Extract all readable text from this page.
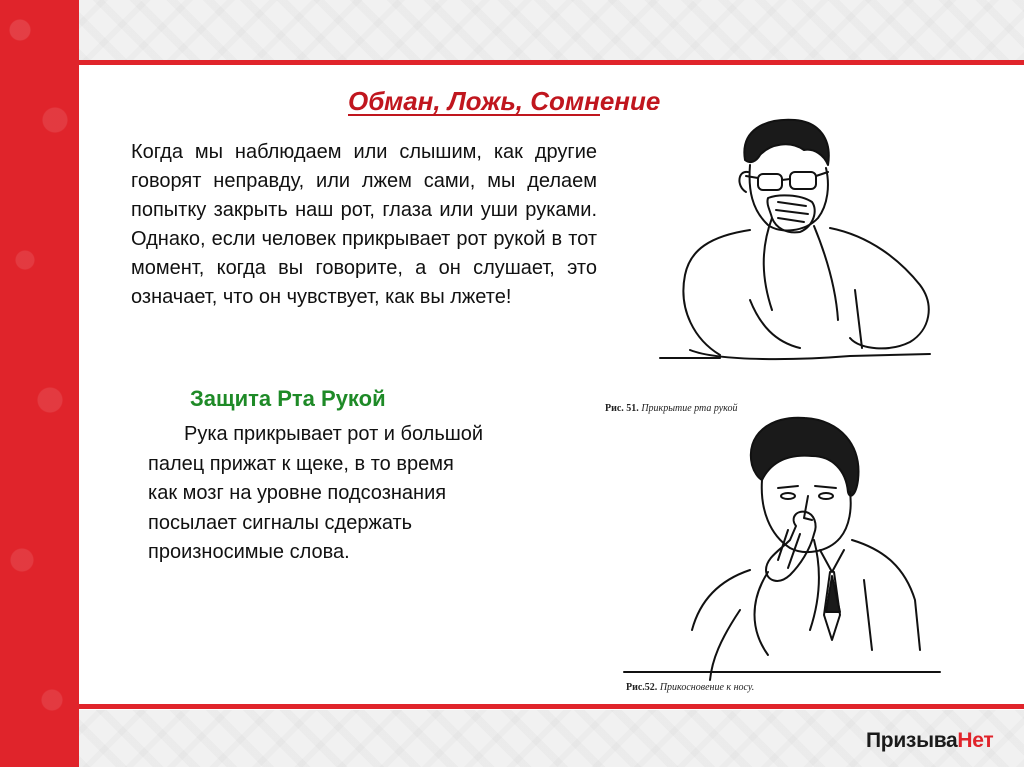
Обман, Ложь, Сомнение

Когда мы наблюдаем или слышим, как другие говорят неправду, или лжем сами, мы делаем попытку закрыть наш рот, глаза или уши руками. Однако, если человек прикрывает рот рукой в тот момент, когда вы говорите, а он слушает, это означает, что он чувствует, как вы лжете!

Защита Рта Рукой

Рука прикрывает рот и большой палец прижат к щеке, в то время как мозг на уровне подсознания посылает сигналы сдержать произносимые слова.

Рис. 51. Прикрытие рта рукой

Рис.52. Прикосновение к носу.

ПризываНет
